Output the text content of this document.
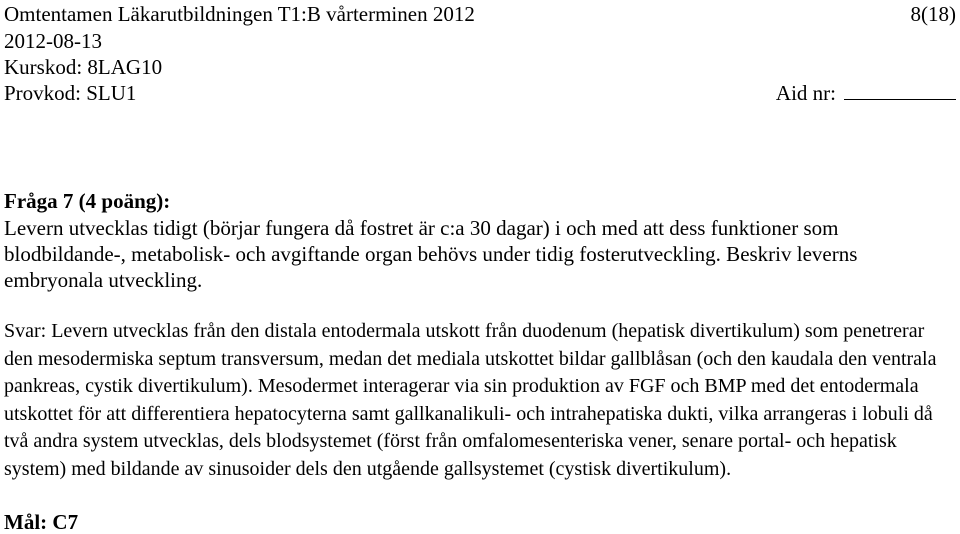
Omtentamen Läkarutbildningen T1:B vårterminen 2012	8(18)
2012-08-13
Kurskod: 8LAG10
Provkod: SLU1	Aid nr:
Fråga 7 (4 poäng):
Levern utvecklas tidigt (börjar fungera då fostret är c:a 30 dagar) i och med att dess funktioner som blodbildande-, metabolisk- och avgiftande organ behövs under tidig fosterutveckling. Beskriv leverns embryonala utveckling.
Svar: Levern utvecklas från den distala entodermala utskott från duodenum (hepatisk divertikulum) som penetrerar den mesodermiska septum transversum, medan det mediala utskottet bildar gallblåsan (och den kaudala den ventrala pankreas, cystik divertikulum). Mesodermet interagerar via sin produktion av FGF och BMP med det entodermala utskottet för att differentiera hepatocyterna samt gallkanalikuli- och intrahepatiska dukti, vilka arrangeras i lobuli då två andra system utvecklas, dels blodsystemet (först från omfalomesenteriska vener, senare portal- och hepatisk system) med bildande av sinusoider dels den utgående gallsystemet (cystisk divertikulum).
Mål: C7
